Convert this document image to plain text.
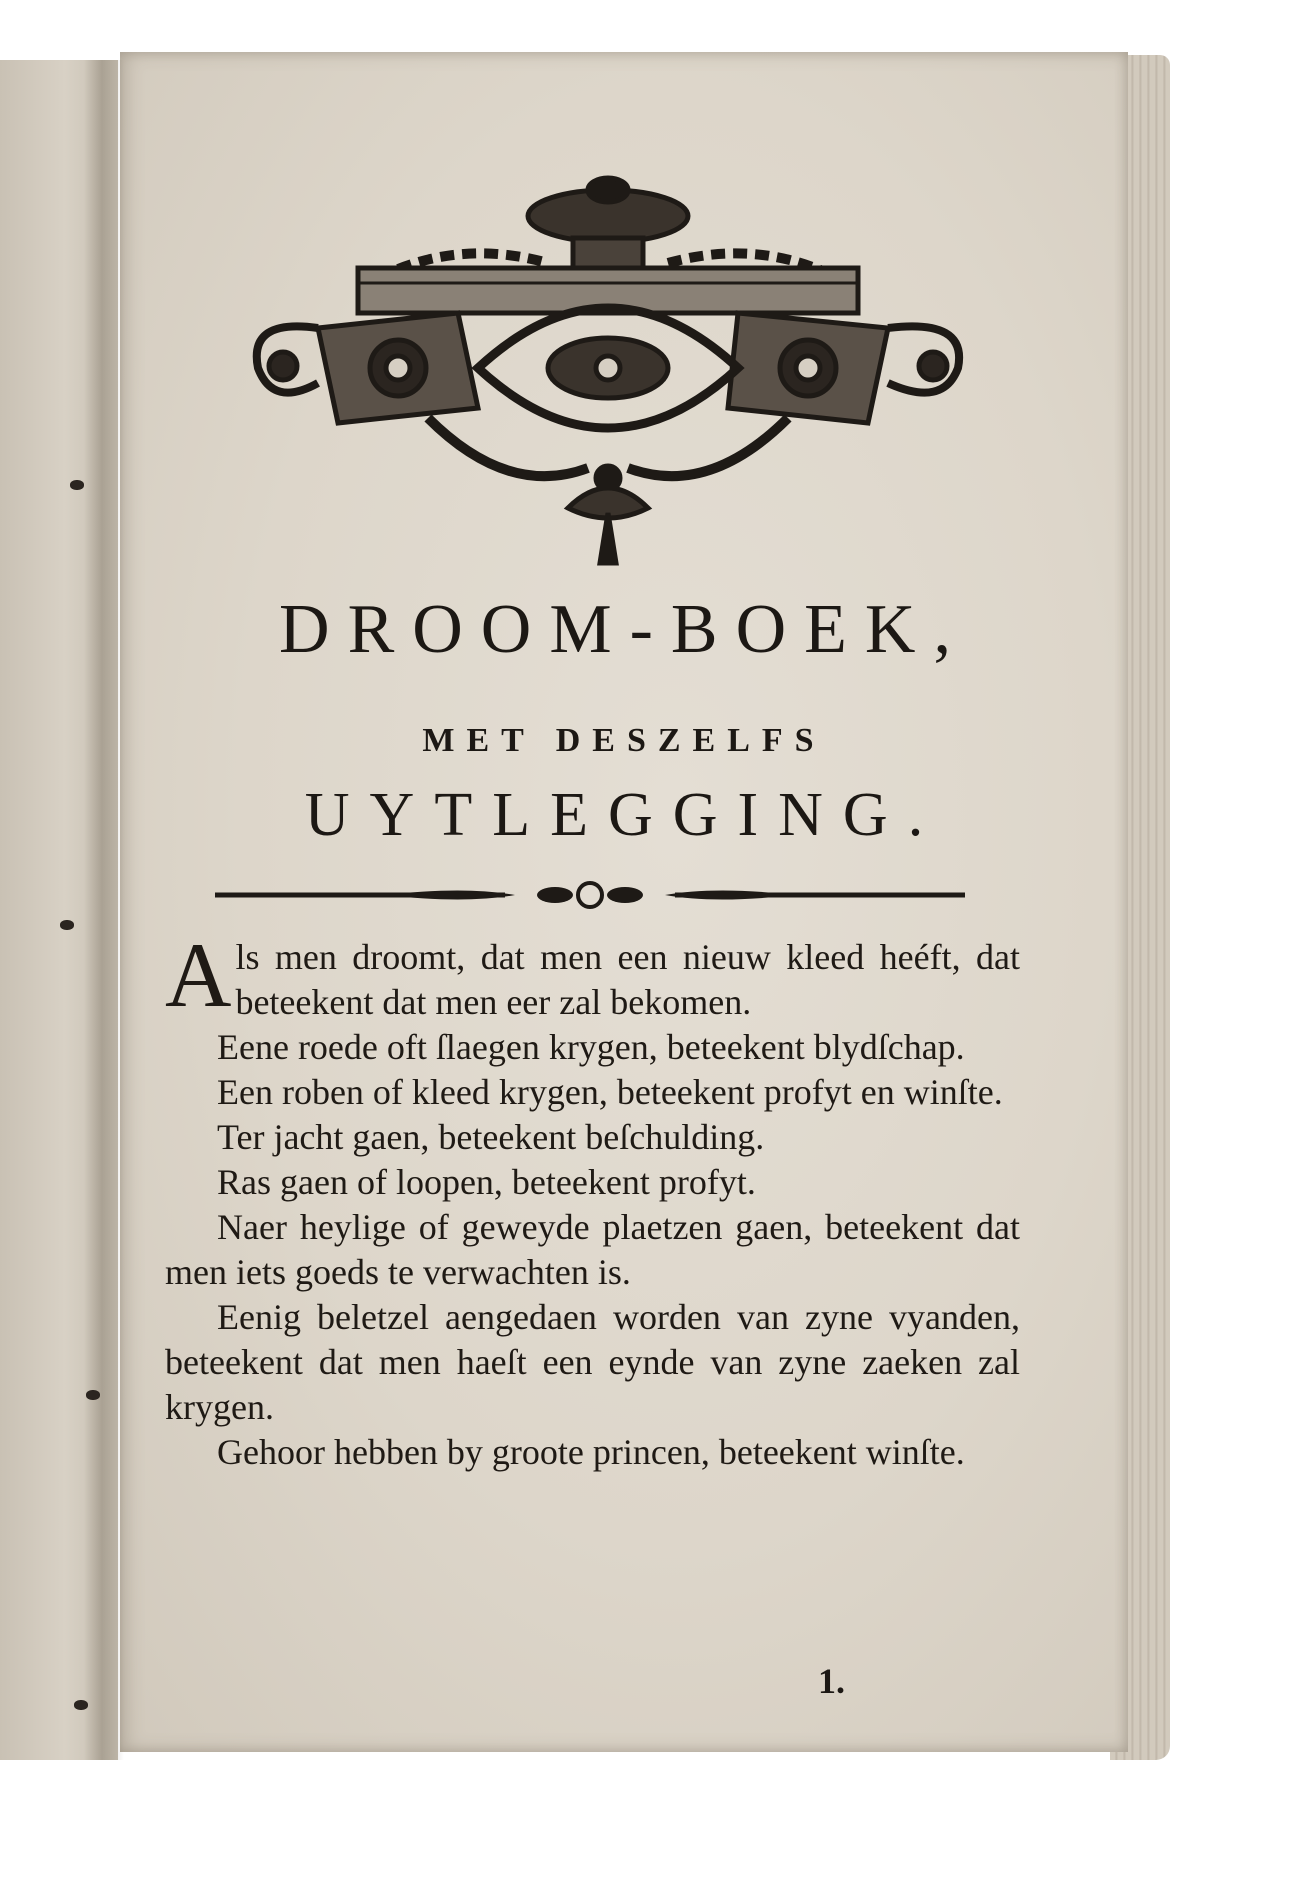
DROOM-BOEK,
MET DESZELFS
UYTLEGGING.

Als men droomt, dat men een nieuw kleed heéft, dat beteekent dat men eer zal bekomen.

Eene roede oft ſlaegen krygen, beteekent blydſchap.

Een roben of kleed krygen, beteekent profyt en winſte.

Ter jacht gaen, beteekent beſchulding.

Ras gaen of loopen, beteekent profyt.

Naer heylige of geweyde plaetzen gaen, beteekent dat men iets goeds te verwachten is.

Eenig beletzel aengedaen worden van zyne vyanden, beteekent dat men haeſt een eynde van zyne zaeken zal krygen.

Gehoor hebben by groote princen, beteekent winſte.

1.
